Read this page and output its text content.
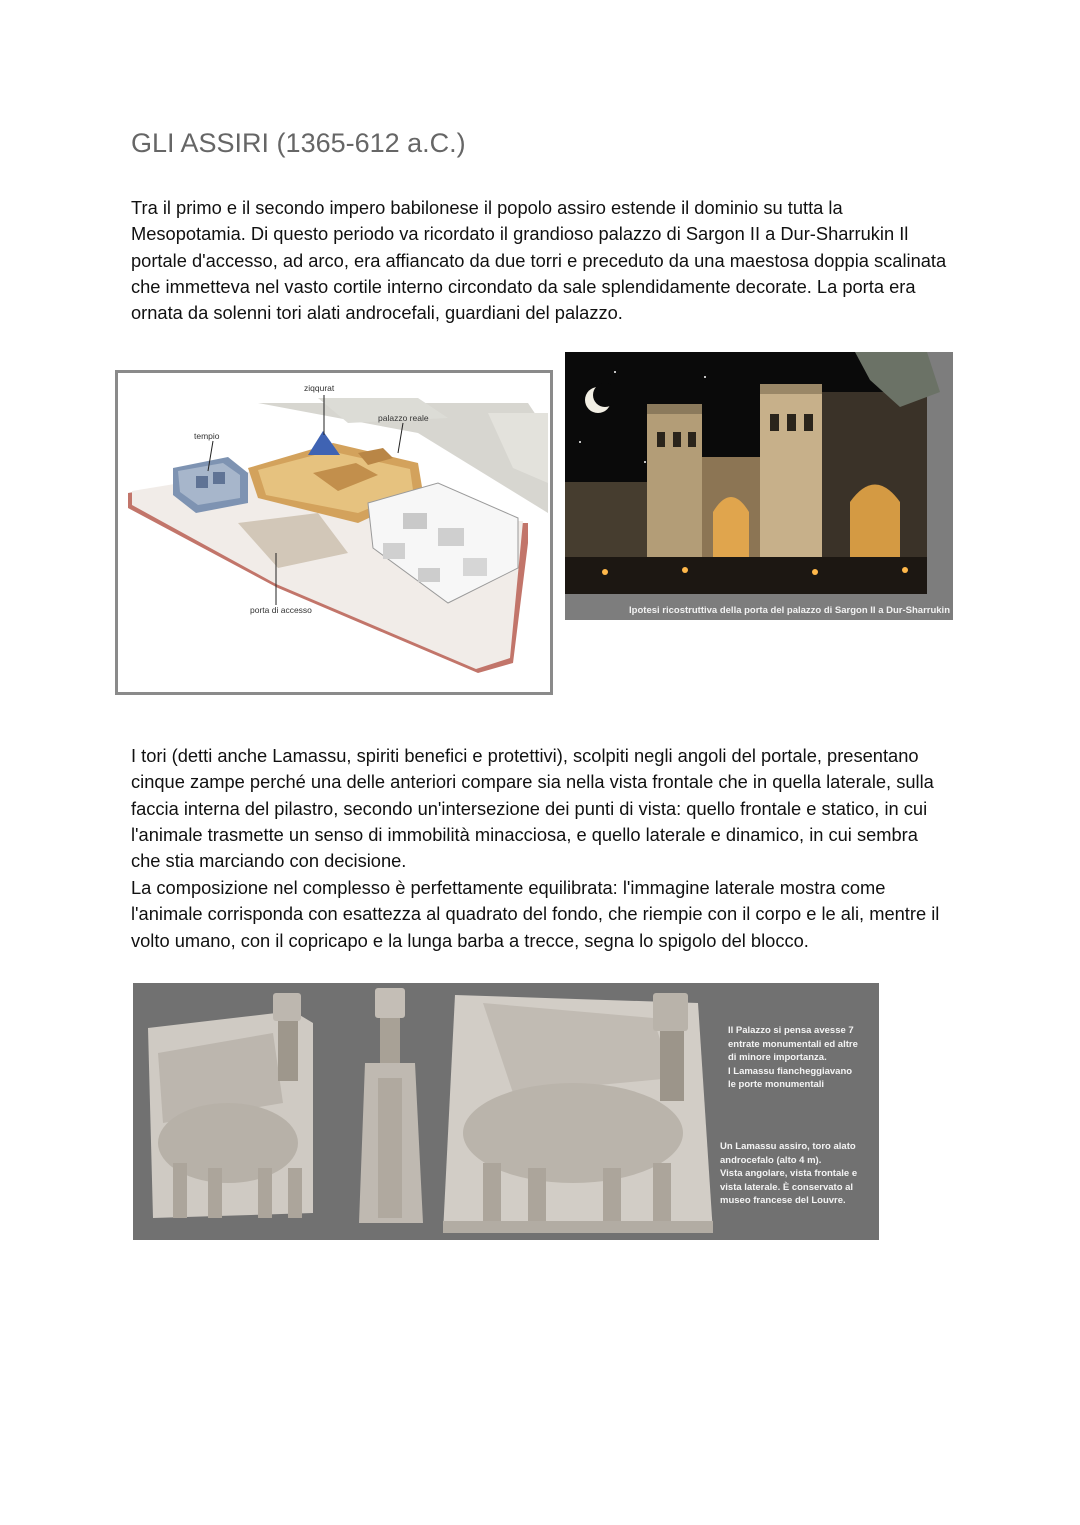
GLI ASSIRI (1365-612 a.C.)

Tra il primo e il secondo impero babilonese il popolo assiro estende il dominio su tutta la Mesopotamia. Di questo periodo va ricordato il grandioso palazzo di Sargon II a Dur-Sharrukin Il portale d'accesso, ad arco, era affiancato da due torri e preceduto da una maestosa doppia scalinata che immetteva nel vasto cortile interno circondato da sale splendidamente decorate. La porta era ornata da solenni tori alati androcefali, guardiani del palazzo.

ziqqurat
palazzo reale
tempio
porta di accesso	Ipotesi ricostruttiva della porta del palazzo di Sargon II a Dur-Sharrukin

I tori (detti anche Lamassu, spiriti benefici e protettivi), scolpiti negli angoli del portale, presentano cinque zampe perché una delle anteriori compare sia nella vista frontale che in quella laterale, sulla faccia interna del pilastro, secondo un'intersezione dei punti di vista: quello frontale e statico, in cui l'animale trasmette un senso di immobilità minacciosa, e quello laterale e dinamico, in cui sembra che stia marciando con decisione.

La composizione nel complesso è perfettamente equilibrata: l'immagine laterale mostra come l'animale corrisponda con esattezza al quadrato del fondo, che riempie con il corpo e le ali, mentre il volto umano, con il copricapo e la lunga barba a trecce, segna lo spigolo del blocco.

Il Palazzo si pensa avesse 7
entrate monumentali ed altre
di minore importanza.
I Lamassu fiancheggiavano
le porte monumentali

Un Lamassu assiro, toro alato
androcefalo (alto 4 m).
Vista angolare, vista frontale e
vista laterale. È conservato al
museo francese del Louvre.
